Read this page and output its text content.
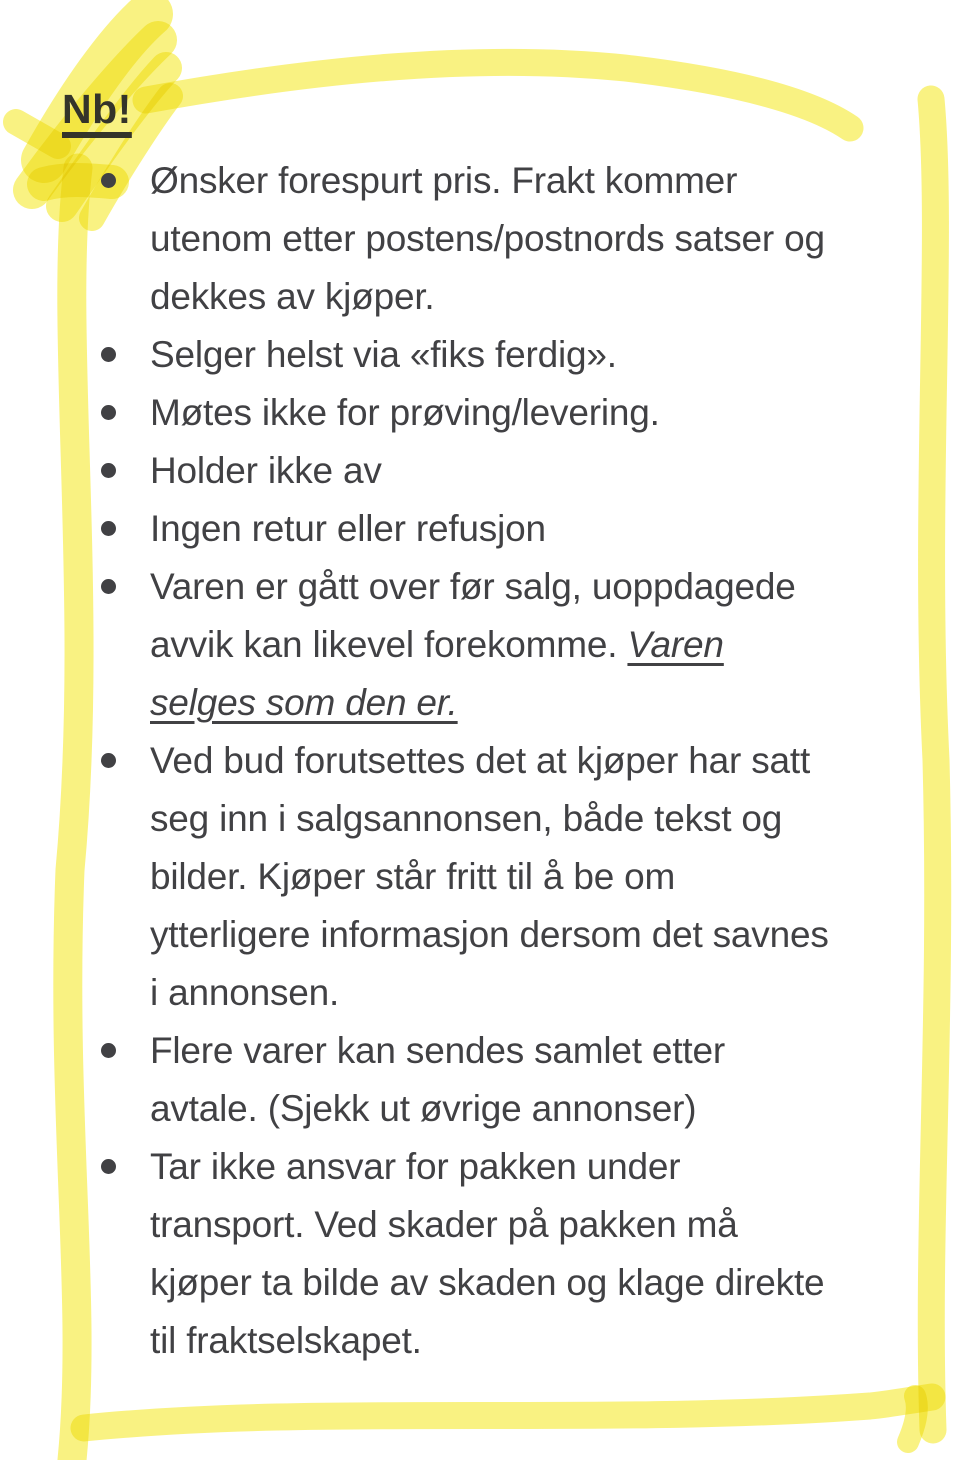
Nb!
Ønsker forespurt pris. Frakt kommer utenom etter postens/postnords satser og dekkes av kjøper.
Selger helst via «fiks ferdig».
Møtes ikke for prøving/levering.
Holder ikke av
Ingen retur eller refusjon
Varen er gått over før salg, uoppdagede avvik kan likevel forekomme. Varen selges som den er.
Ved bud forutsettes det at kjøper har satt seg inn i salgsannonsen, både tekst og bilder. Kjøper står fritt til å be om ytterligere informasjon dersom det savnes i annonsen.
Flere varer kan sendes samlet etter avtale. (Sjekk ut øvrige annonser)
Tar ikke ansvar for pakken under transport. Ved skader på pakken må kjøper ta bilde av skaden og klage direkte til fraktselskapet.
